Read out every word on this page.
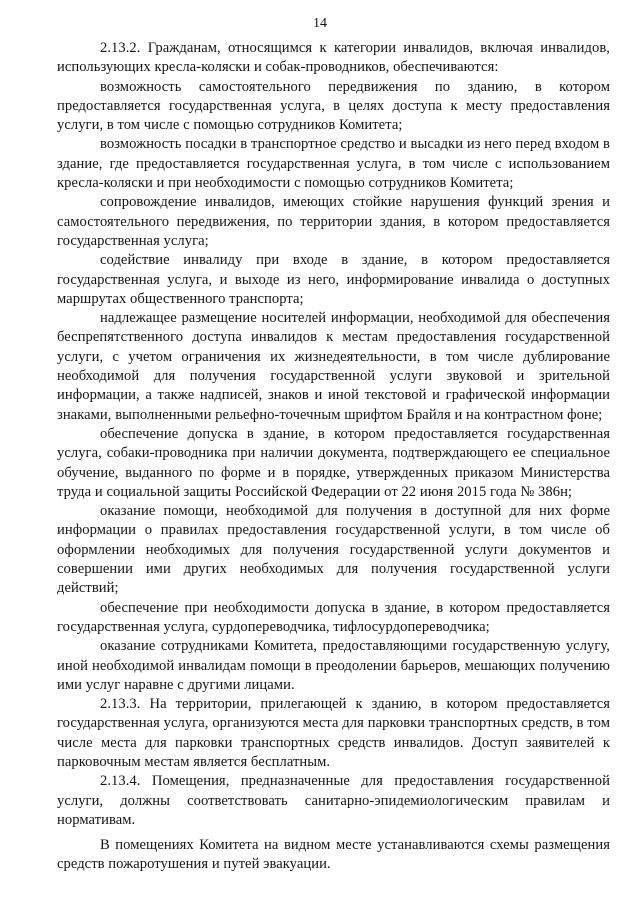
14

2.13.2. Гражданам, относящимся к категории инвалидов, включая инвалидов, использующих кресла-коляски и собак-проводников, обеспечиваются:

возможность самостоятельного передвижения по зданию, в котором предоставляется государственная услуга, в целях доступа к месту предоставления услуги, в том числе с помощью сотрудников Комитета;

возможность посадки в транспортное средство и высадки из него перед входом в здание, где предоставляется государственная услуга, в том числе с использованием кресла-коляски и при необходимости с помощью сотрудников Комитета;

сопровождение инвалидов, имеющих стойкие нарушения функций зрения и самостоятельного передвижения, по территории здания, в котором предоставляется государственная услуга;

содействие инвалиду при входе в здание, в котором предоставляется государственная услуга, и выходе из него, информирование инвалида о доступных маршрутах общественного транспорта;

надлежащее размещение носителей информации, необходимой для обеспечения беспрепятственного доступа инвалидов к местам предоставления государственной услуги, с учетом ограничения их жизнедеятельности, в том числе дублирование необходимой для получения государственной услуги звуковой и зрительной информации, а также надписей, знаков и иной текстовой и графической информации знаками, выполненными рельефно-точечным шрифтом Брайля и на контрастном фоне;

обеспечение допуска в здание, в котором предоставляется государственная услуга, собаки-проводника при наличии документа, подтверждающего ее специальное обучение, выданного по форме и в порядке, утвержденных приказом Министерства труда и социальной защиты Российской Федерации от 22 июня 2015 года № 386н;

оказание помощи, необходимой для получения в доступной для них форме информации о правилах предоставления государственной услуги, в том числе об оформлении необходимых для получения государственной услуги документов и совершении ими других необходимых для получения государственной услуги действий;

обеспечение при необходимости допуска в здание, в котором предоставляется государственная услуга, сурдопереводчика, тифлосурдопереводчика;

оказание сотрудниками Комитета, предоставляющими государственную услугу, иной необходимой инвалидам помощи в преодолении барьеров, мешающих получению ими услуг наравне с другими лицами.

2.13.3. На территории, прилегающей к зданию, в котором предоставляется государственная услуга, организуются места для парковки транспортных средств, в том числе места для парковки транспортных средств инвалидов. Доступ заявителей к парковочным местам является бесплатным.

2.13.4. Помещения, предназначенные для предоставления государственной услуги, должны соответствовать санитарно-эпидемиологическим правилам и нормативам.

В помещениях Комитета на видном месте устанавливаются схемы размещения средств пожаротушения и путей эвакуации.
